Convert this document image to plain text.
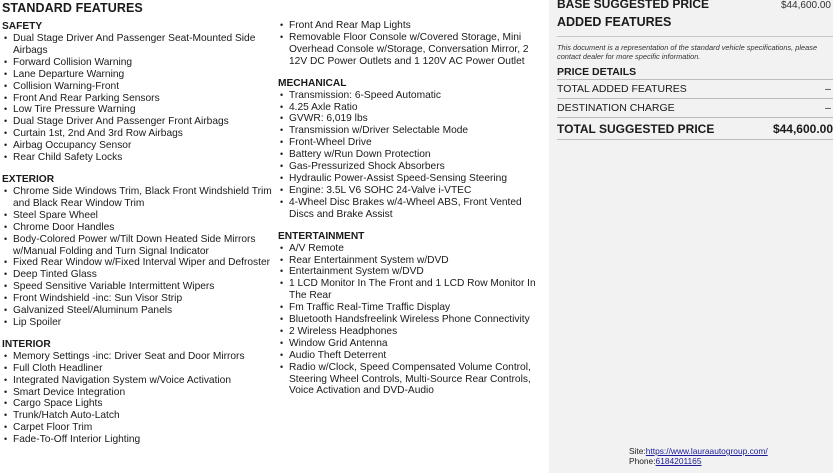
STANDARD FEATURES
SAFETY
• Dual Stage Driver And Passenger Seat-Mounted Side Airbags
• Forward Collision Warning
• Lane Departure Warning
• Collision Warning-Front
• Front And Rear Parking Sensors
• Low Tire Pressure Warning
• Dual Stage Driver And Passenger Front Airbags
• Curtain 1st, 2nd And 3rd Row Airbags
• Airbag Occupancy Sensor
• Rear Child Safety Locks
EXTERIOR
• Chrome Side Windows Trim, Black Front Windshield Trim and Black Rear Window Trim
• Steel Spare Wheel
• Chrome Door Handles
• Body-Colored Power w/Tilt Down Heated Side Mirrors w/Manual Folding and Turn Signal Indicator
• Fixed Rear Window w/Fixed Interval Wiper and Defroster
• Deep Tinted Glass
• Speed Sensitive Variable Intermittent Wipers
• Front Windshield -inc: Sun Visor Strip
• Galvanized Steel/Aluminum Panels
• Lip Spoiler
INTERIOR
• Memory Settings -inc: Driver Seat and Door Mirrors
• Full Cloth Headliner
• Integrated Navigation System w/Voice Activation
• Smart Device Integration
• Cargo Space Lights
• Trunk/Hatch Auto-Latch
• Carpet Floor Trim
• Fade-To-Off Interior Lighting
• Front And Rear Map Lights
• Removable Floor Console w/Covered Storage, Mini Overhead Console w/Storage, Conversation Mirror, 2 12V DC Power Outlets and 1 120V AC Power Outlet
MECHANICAL
• Transmission: 6-Speed Automatic
• 4.25 Axle Ratio
• GVWR: 6,019 lbs
• Transmission w/Driver Selectable Mode
• Front-Wheel Drive
• Battery w/Run Down Protection
• Gas-Pressurized Shock Absorbers
• Hydraulic Power-Assist Speed-Sensing Steering
• Engine: 3.5L V6 SOHC 24-Valve i-VTEC
• 4-Wheel Disc Brakes w/4-Wheel ABS, Front Vented Discs and Brake Assist
ENTERTAINMENT
• A/V Remote
• Rear Entertainment System w/DVD
• Entertainment System w/DVD
• 1 LCD Monitor In The Front and 1 LCD Row Monitor In The Rear
• Fm Traffic Real-Time Traffic Display
• Bluetooth Handsfreelink Wireless Phone Connectivity
• 2 Wireless Headphones
• Window Grid Antenna
• Audio Theft Deterrent
• Radio w/Clock, Speed Compensated Volume Control, Steering Wheel Controls, Multi-Source Rear Controls, Voice Activation and DVD-Audio
BASE SUGGESTED PRICE	$44,600.00
ADDED FEATURES
This document is a representation of the standard vehicle specifications, please contact dealer for more specific information.
PRICE DETAILS
TOTAL ADDED FEATURES	–
DESTINATION CHARGE	–
TOTAL SUGGESTED PRICE	$44,600.00
Site:https://www.lauraautogroup.com/
Phone:6184201165
